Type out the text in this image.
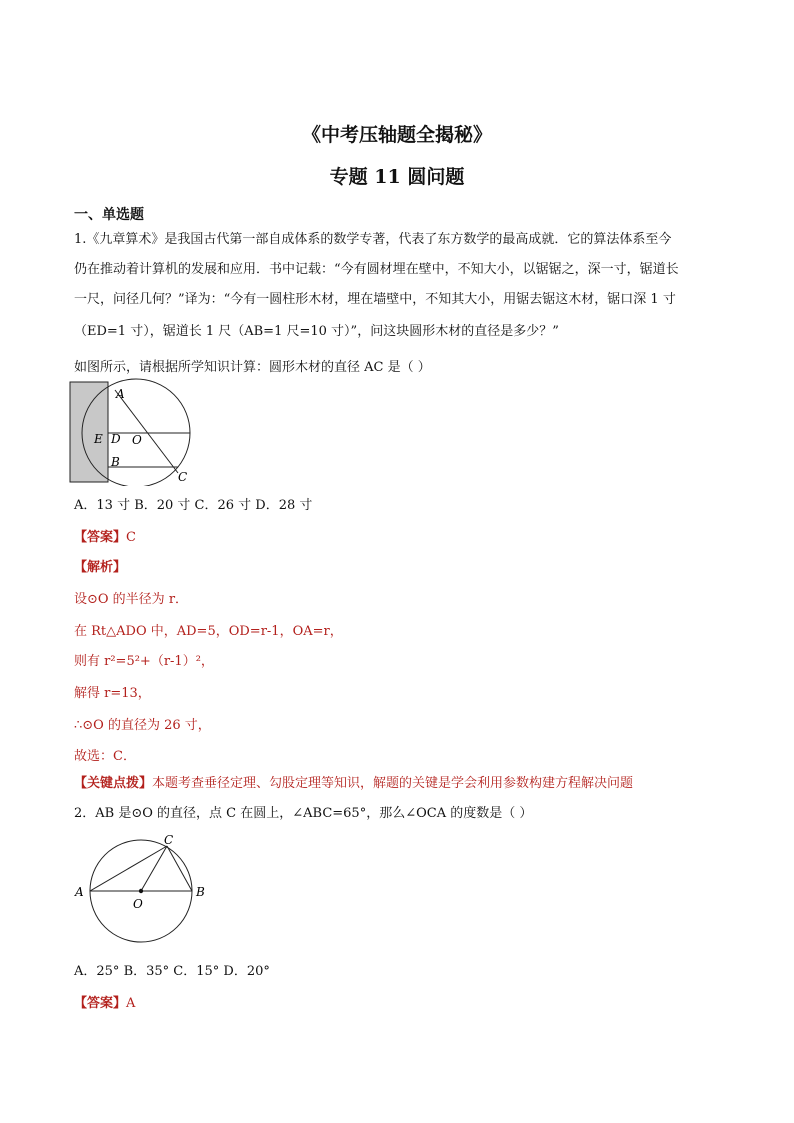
《中考压轴题全揭秘》
专题 11 圆问题
一、单选题
1.《九章算术》是我国古代第一部自成体系的数学专著，代表了东方数学的最高成就．它的算法体系至今
仍在推动着计算机的发展和应用．书中记载：“今有圆材埋在壁中，不知大小，以锯锯之，深一寸，锯道长
一尺，问径几何？”译为：“今有一圆柱形木材，埋在墙壁中，不知其大小，用锯去锯这木材，锯口深 1 寸
（ED=1 寸），锯道长 1 尺（AB=1 尺=10 寸）”，问这块圆形木材的直径是多少？”
如图所示，请根据所学知识计算：圆形木材的直径 AC 是（ ）
A
E D O
B
C
A．13 寸 B．20 寸 C．26 寸 D．28 寸
【答案】C
【解析】
设⊙O 的半径为 r．
在 Rt△ADO 中，AD=5，OD=r-1，OA=r，
则有 r²=5²+（r-1）²，
解得 r=13，
∴⊙O 的直径为 26 寸，
故选：C．
【关键点拨】本题考查垂径定理、勾股定理等知识，解题的关键是学会利用参数构建方程解决问题
2．AB 是⊙O 的直径，点 C 在圆上，∠ABC=65°，那么∠OCA 的度数是（ ）
A	B
C
O
A．25° B．35° C．15° D．20°
【答案】A
